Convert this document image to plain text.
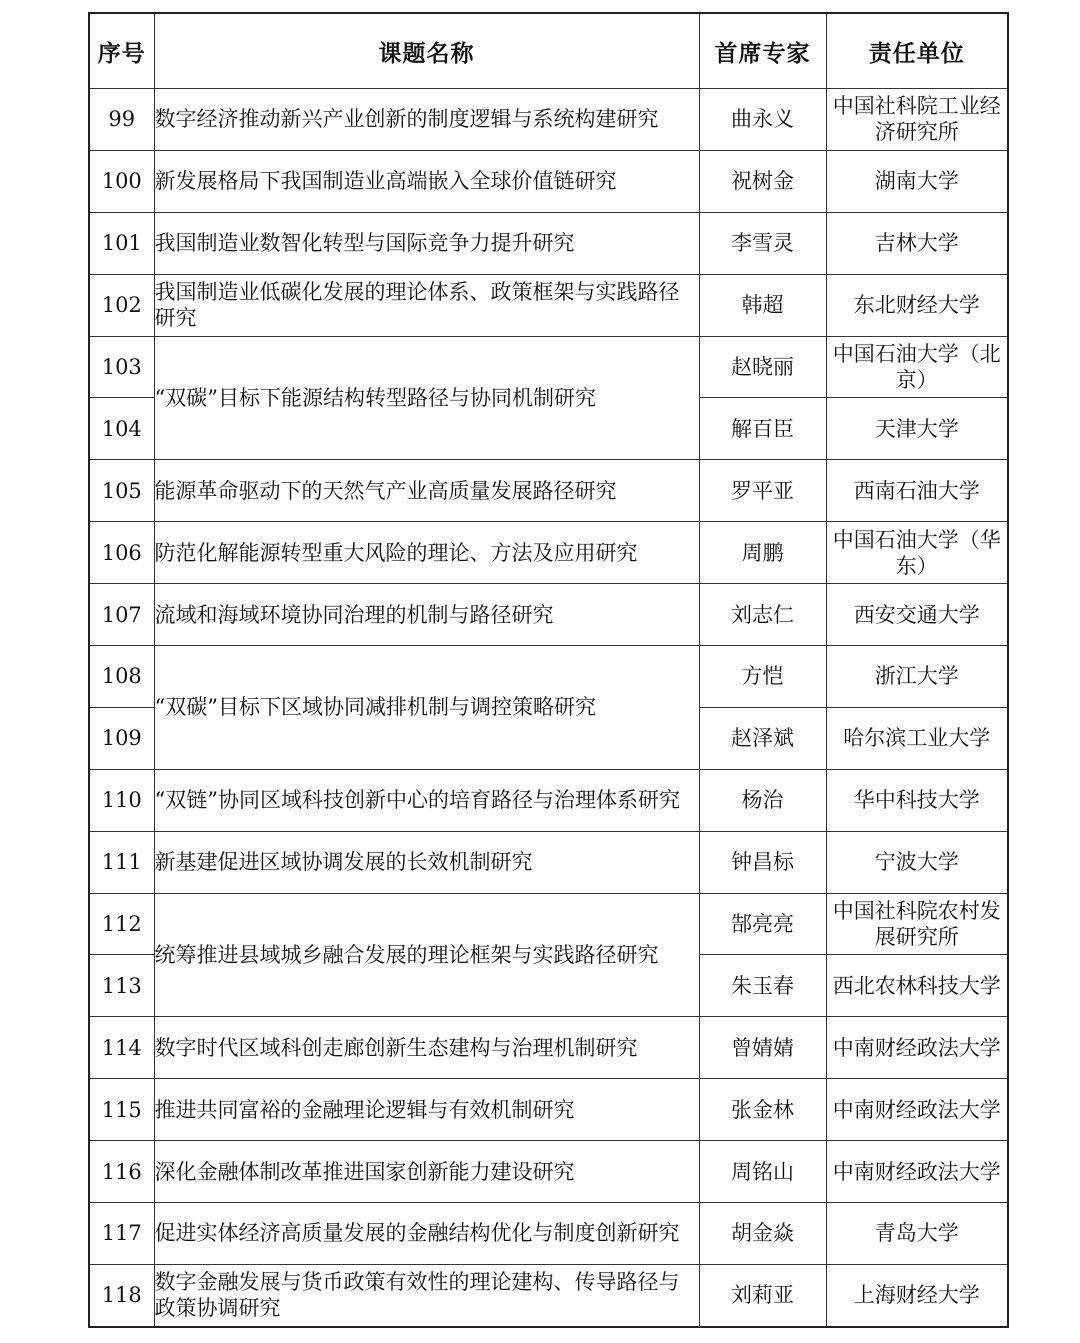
序号	课题名称	首席专家	责任单位
99	数字经济推动新兴产业创新的制度逻辑与系统构建研究	曲永义	中国社科院工业经济研究所
100	新发展格局下我国制造业高端嵌入全球价值链研究	祝树金	湖南大学
101	我国制造业数智化转型与国际竞争力提升研究	李雪灵	吉林大学
102	我国制造业低碳化发展的理论体系、政策框架与实践路径研究	韩超	东北财经大学
103	“双碳”目标下能源结构转型路径与协同机制研究	赵晓丽	中国石油大学（北京）
104		解百臣	天津大学
105	能源革命驱动下的天然气产业高质量发展路径研究	罗平亚	西南石油大学
106	防范化解能源转型重大风险的理论、方法及应用研究	周鹏	中国石油大学（华东）
107	流域和海域环境协同治理的机制与路径研究	刘志仁	西安交通大学
108	“双碳”目标下区域协同减排机制与调控策略研究	方恺	浙江大学
109		赵泽斌	哈尔滨工业大学
110	“双链”协同区域科技创新中心的培育路径与治理体系研究	杨治	华中科技大学
111	新基建促进区域协调发展的长效机制研究	钟昌标	宁波大学
112	统筹推进县域城乡融合发展的理论框架与实践路径研究	郜亮亮	中国社科院农村发展研究所
113		朱玉春	西北农林科技大学
114	数字时代区域科创走廊创新生态建构与治理机制研究	曾婧婧	中南财经政法大学
115	推进共同富裕的金融理论逻辑与有效机制研究	张金林	中南财经政法大学
116	深化金融体制改革推进国家创新能力建设研究	周铭山	中南财经政法大学
117	促进实体经济高质量发展的金融结构优化与制度创新研究	胡金焱	青岛大学
118	数字金融发展与货币政策有效性的理论建构、传导路径与政策协调研究	刘莉亚	上海财经大学
